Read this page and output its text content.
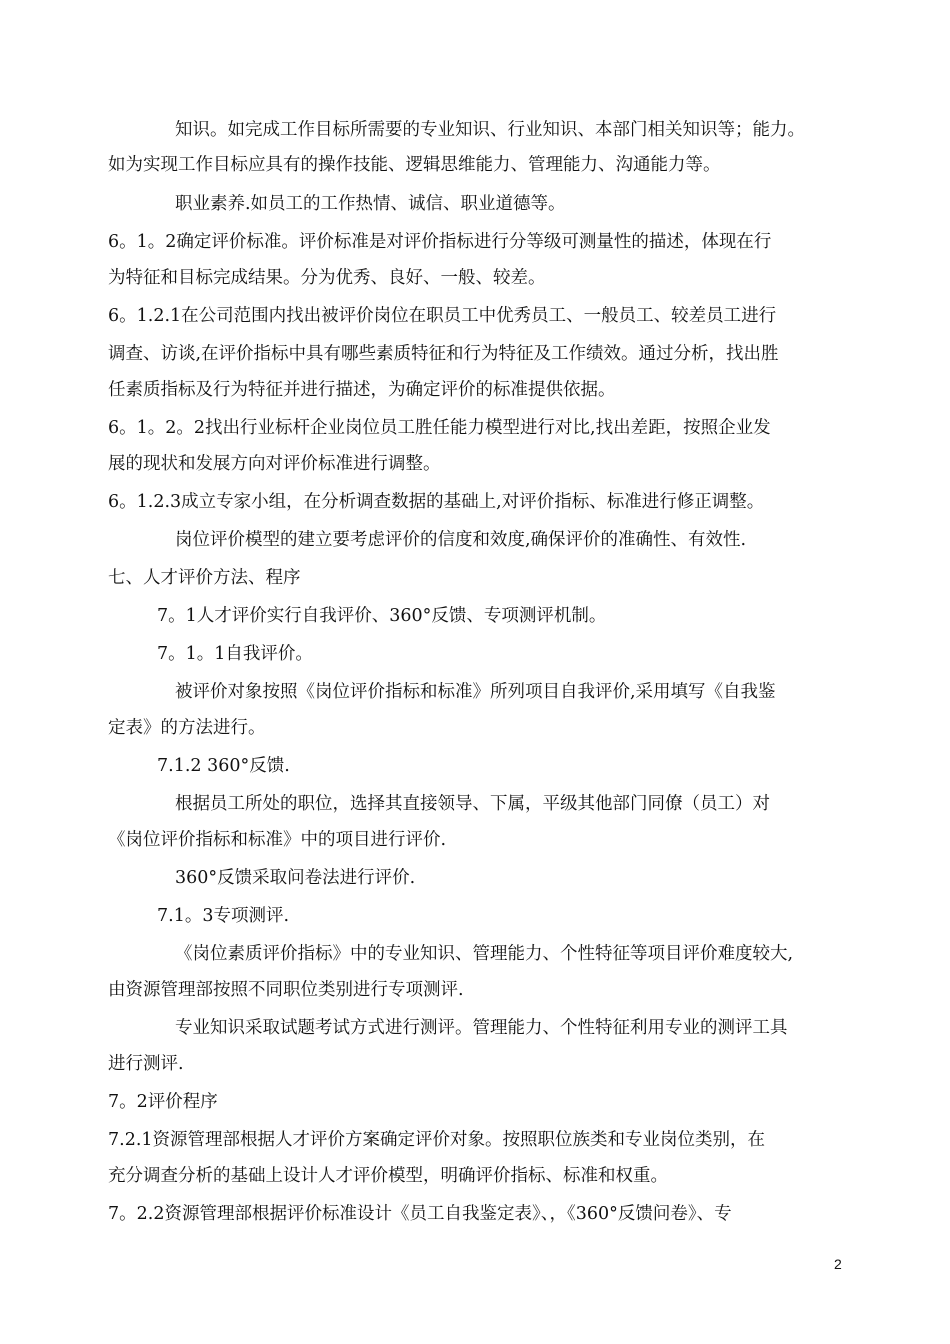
知识。如完成工作目标所需要的专业知识、行业知识、本部门相关知识等；能力。
如为实现工作目标应具有的操作技能、逻辑思维能力、管理能力、沟通能力等。
职业素养.如员工的工作热情、诚信、职业道德等。
6。1。2确定评价标准。评价标准是对评价指标进行分等级可测量性的描述，体现在行
为特征和目标完成结果。分为优秀、良好、一般、较差。
6。1.2.1在公司范围内找出被评价岗位在职员工中优秀员工、一般员工、较差员工进行
调查、访谈,在评价指标中具有哪些素质特征和行为特征及工作绩效。通过分析，找出胜
任素质指标及行为特征并进行描述，为确定评价的标准提供依据。
6。1。2。2找出行业标杆企业岗位员工胜任能力模型进行对比,找出差距，按照企业发
展的现状和发展方向对评价标准进行调整。
6。1.2.3成立专家小组，在分析调查数据的基础上,对评价指标、标准进行修正调整。
岗位评价模型的建立要考虑评价的信度和效度,确保评价的准确性、有效性.
七、人才评价方法、程序
7。1人才评价实行自我评价、360°反馈、专项测评机制。
7。1。1自我评价。
被评价对象按照《岗位评价指标和标准》所列项目自我评价,采用填写《自我鉴
定表》的方法进行。
7.1.2 360°反馈.
根据员工所处的职位，选择其直接领导、下属，平级其他部门同僚（员工）对
《岗位评价指标和标准》中的项目进行评价.
360°反馈采取问卷法进行评价.
7.1。3专项测评.
《岗位素质评价指标》中的专业知识、管理能力、个性特征等项目评价难度较大,
由资源管理部按照不同职位类别进行专项测评.
专业知识采取试题考试方式进行测评。管理能力、个性特征利用专业的测评工具
进行测评.
7。2评价程序
7.2.1资源管理部根据人才评价方案确定评价对象。按照职位族类和专业岗位类别，在
充分调查分析的基础上设计人才评价模型，明确评价指标、标准和权重。
7。2.2资源管理部根据评价标准设计《员工自我鉴定表》、，《360°反馈问卷》、专
2
